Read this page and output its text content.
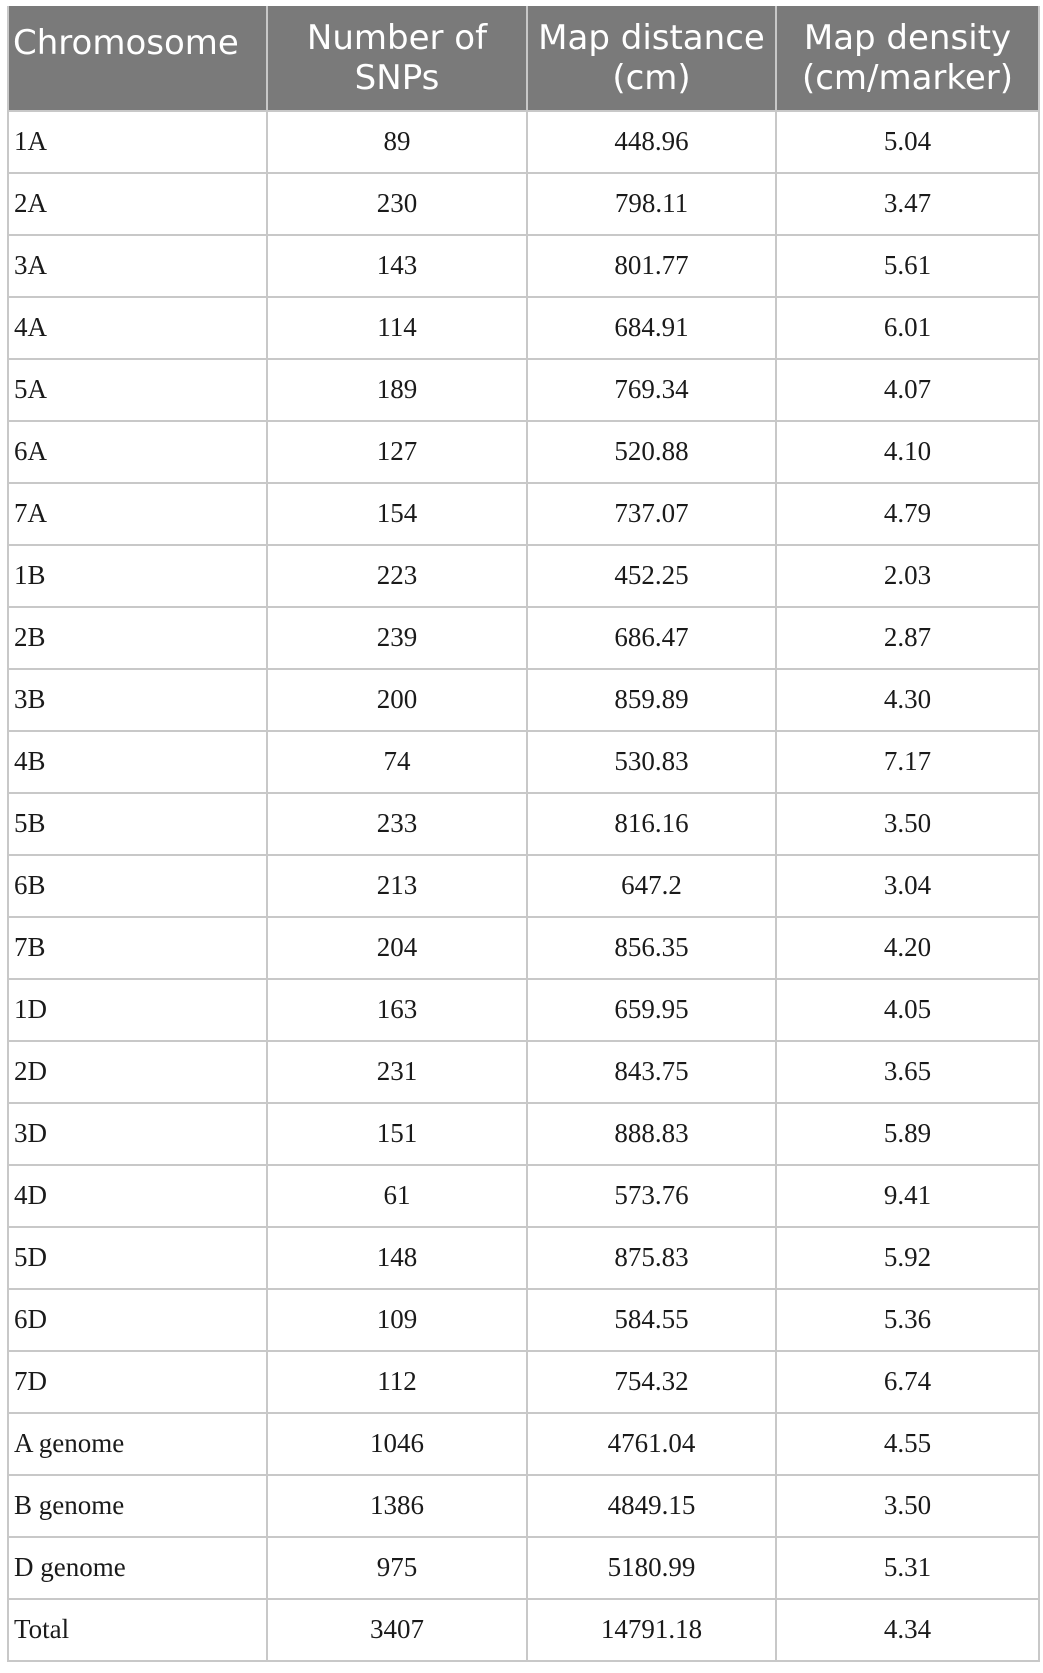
Chromosome	Number of SNPs	Map distance (cm)	Map density (cm/marker)
1A	89	448.96	5.04
2A	230	798.11	3.47
3A	143	801.77	5.61
4A	114	684.91	6.01
5A	189	769.34	4.07
6A	127	520.88	4.10
7A	154	737.07	4.79
1B	223	452.25	2.03
2B	239	686.47	2.87
3B	200	859.89	4.30
4B	74	530.83	7.17
5B	233	816.16	3.50
6B	213	647.2	3.04
7B	204	856.35	4.20
1D	163	659.95	4.05
2D	231	843.75	3.65
3D	151	888.83	5.89
4D	61	573.76	9.41
5D	148	875.83	5.92
6D	109	584.55	5.36
7D	112	754.32	6.74
A genome	1046	4761.04	4.55
B genome	1386	4849.15	3.50
D genome	975	5180.99	5.31
Total	3407	14791.18	4.34
